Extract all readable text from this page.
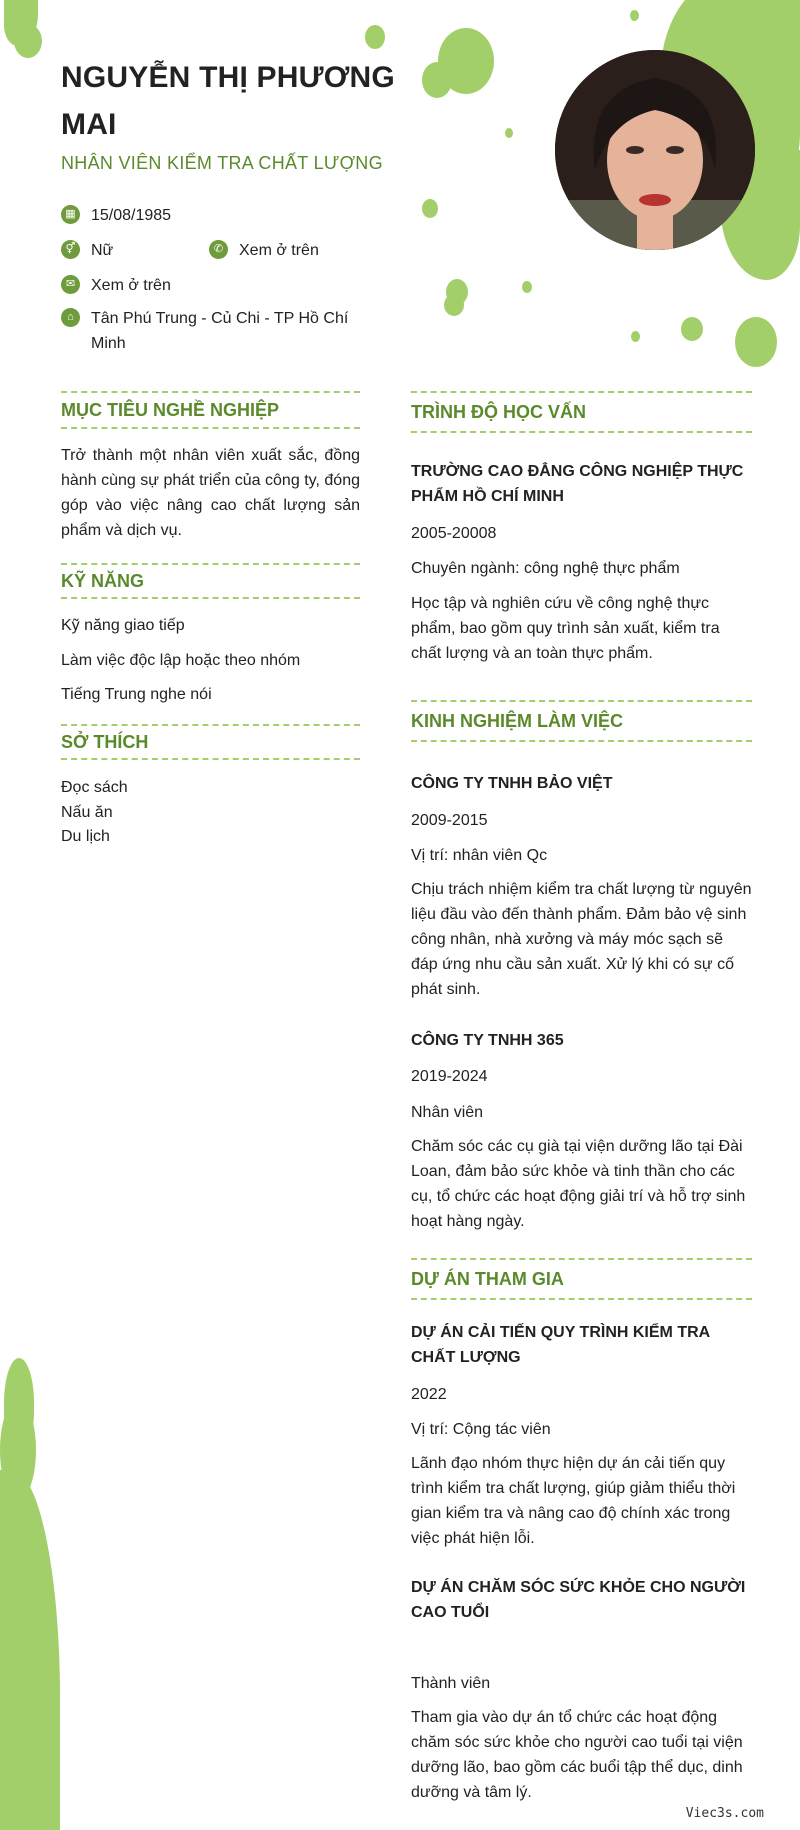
NGUYỄN THỊ PHƯƠNG MAI
NHÂN VIÊN KIỂM TRA CHẤT LƯỢNG
▦ 15/08/1985
⚥ Nữ	✆ Xem ở trên
✉ Xem ở trên
⌂	Tân Phú Trung - Củ Chi - TP Hồ Chí Minh
MỤC TIÊU NGHỀ NGHIỆP
Trở thành một nhân viên xuất sắc, đồng hành cùng sự phát triển của công ty, đóng góp vào việc nâng cao chất lượng sản phẩm và dịch vụ.
KỸ NĂNG
Kỹ năng giao tiếp
Làm việc độc lập hoặc theo nhóm
Tiếng Trung nghe nói
SỞ THÍCH
Đọc sách
Nấu ăn
Du lịch
TRÌNH ĐỘ HỌC VẤN
TRƯỜNG CAO ĐẲNG CÔNG NGHIỆP THỰC PHẨM HỒ CHÍ MINH
2005-20008
Chuyên ngành: công nghệ thực phẩm
Học tập và nghiên cứu về công nghệ thực phẩm, bao gồm quy trình sản xuất, kiểm tra chất lượng và an toàn thực phẩm.
KINH NGHIỆM LÀM VIỆC
CÔNG TY TNHH BẢO VIỆT
2009-2015
Vị trí: nhân viên Qc
Chịu trách nhiệm kiểm tra chất lượng từ nguyên liệu đầu vào đến thành phẩm. Đảm bảo vệ sinh công nhân, nhà xưởng và máy móc sạch sẽ đáp ứng nhu cầu sản xuất. Xử lý khi có sự cố phát sinh.
CÔNG TY TNHH 365
2019-2024
Nhân viên
Chăm sóc các cụ già tại viện dưỡng lão tại Đài Loan, đảm bảo sức khỏe và tinh thần cho các cụ, tổ chức các hoạt động giải trí và hỗ trợ sinh hoạt hàng ngày.
DỰ ÁN THAM GIA
DỰ ÁN CẢI TIẾN QUY TRÌNH KIỂM TRA CHẤT LƯỢNG
2022
Vị trí: Cộng tác viên
Lãnh đạo nhóm thực hiện dự án cải tiến quy trình kiểm tra chất lượng, giúp giảm thiểu thời gian kiểm tra và nâng cao độ chính xác trong việc phát hiện lỗi.
DỰ ÁN CHĂM SÓC SỨC KHỎE CHO NGƯỜI CAO TUỔI
Thành viên
Tham gia vào dự án tổ chức các hoạt động chăm sóc sức khỏe cho người cao tuổi tại viện dưỡng lão, bao gồm các buổi tập thể dục, dinh dưỡng và tâm lý.
Viec3s.com
